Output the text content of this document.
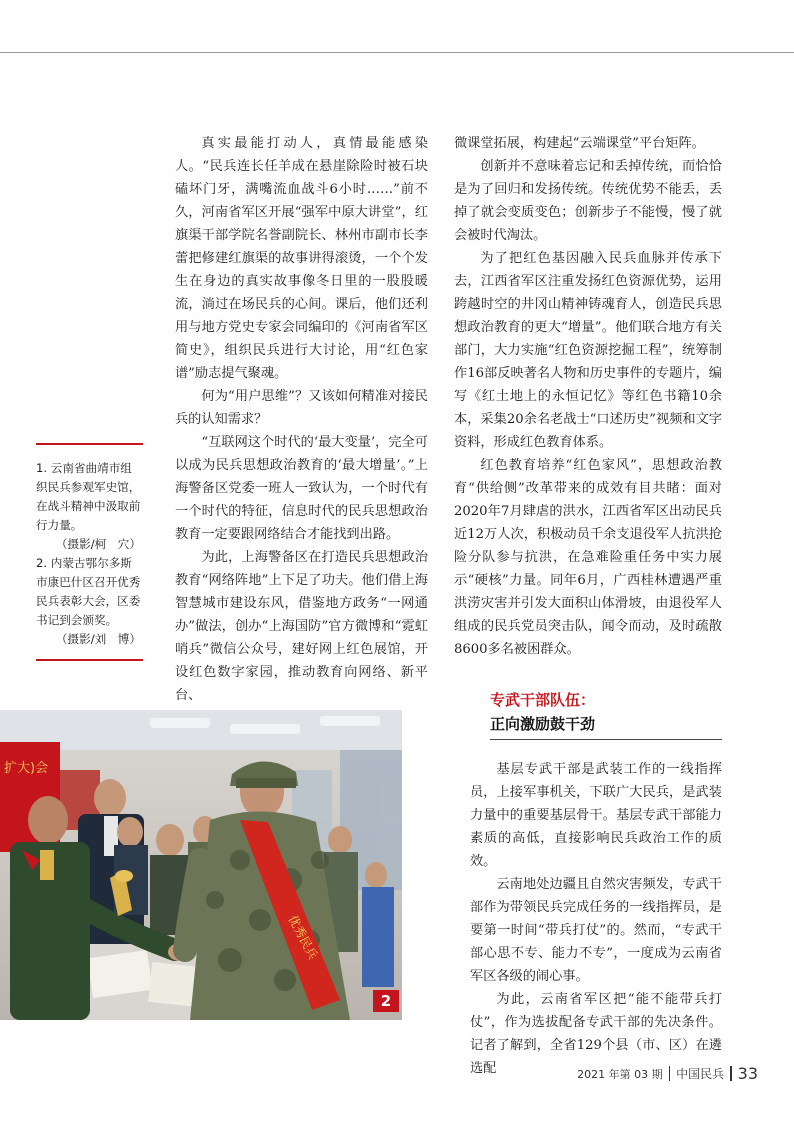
真实最能打动人，真情最能感染人。“民兵连长任羊成在悬崖除险时被石块磕坏门牙，满嘴流血战斗6小时……”前不久，河南省军区开展“强军中原大讲堂”，红旗渠干部学院名誉副院长、林州市副市长李蕾把修建红旗渠的故事讲得滚烫，一个个发生在身边的真实故事像冬日里的一股股暖流，淌过在场民兵的心间。课后，他们还利用与地方党史专家会同编印的《河南省军区简史》，组织民兵进行大讨论，用“红色家谱”励志提气聚魂。

何为“用户思维”？又该如何精准对接民兵的认知需求？

“互联网这个时代的‘最大变量’，完全可以成为民兵思想政治教育的‘最大增量’。”上海警备区党委一班人一致认为，一个时代有一个时代的特征，信息时代的民兵思想政治教育一定要跟网络结合才能找到出路。

为此，上海警备区在打造民兵思想政治教育“网络阵地”上下足了功夫。他们借上海智慧城市建设东风，借鉴地方政务“一网通办”做法，创办“上海国防”官方微博和“霓虹哨兵”微信公众号，建好网上红色展馆，开设红色数字家园，推动教育向网络、新平台、

微课堂拓展，构建起“云端课堂”平台矩阵。

创新并不意味着忘记和丢掉传统，而恰恰是为了回归和发扬传统。传统优势不能丢，丢掉了就会变质变色；创新步子不能慢，慢了就会被时代淘汰。

为了把红色基因融入民兵血脉并传承下去，江西省军区注重发扬红色资源优势，运用跨越时空的井冈山精神铸魂育人，创造民兵思想政治教育的更大“增量”。他们联合地方有关部门，大力实施“红色资源挖掘工程”，统筹制作16部反映著名人物和历史事件的专题片，编写《红土地上的永恒记忆》等红色书籍10余本，采集20余名老战士“口述历史”视频和文字资料，形成红色教育体系。

红色教育培养“红色家风”，思想政治教育“供给侧”改革带来的成效有目共睹：面对2020年7月肆虐的洪水，江西省军区出动民兵近12万人次，积极动员千余支退役军人抗洪抢险分队参与抗洪，在急难险重任务中实力展示“硬核”力量。同年6月，广西桂林遭遇严重洪涝灾害并引发大面积山体滑坡，由退役军人组成的民兵党员突击队，闻令而动，及时疏散8600多名被困群众。

1. 云南省曲靖市组织民兵参观军史馆，在战斗精神中汲取前行力量。

（摄影/柯　穴）

2. 内蒙古鄂尔多斯市康巴什区召开优秀民兵表彰大会，区委书记到会颁奖。

（摄影/刘　博）

专武干部队伍：
正向激励鼓干劲
扩大)会
优秀民兵
2

基层专武干部是武装工作的一线指挥员，上接军事机关，下联广大民兵，是武装力量中的重要基层骨干。基层专武干部能力素质的高低，直接影响民兵政治工作的质效。

云南地处边疆且自然灾害频发，专武干部作为带领民兵完成任务的一线指挥员，是要第一时间“带兵打仗”的。然而，“专武干部心思不专、能力不专”，一度成为云南省军区各级的闹心事。

为此，云南省军区把“能不能带兵打仗”，作为选拔配备专武干部的先决条件。记者了解到，全省129个县（市、区）在遴选配	2021 年第 03 期 中国民兵 33
